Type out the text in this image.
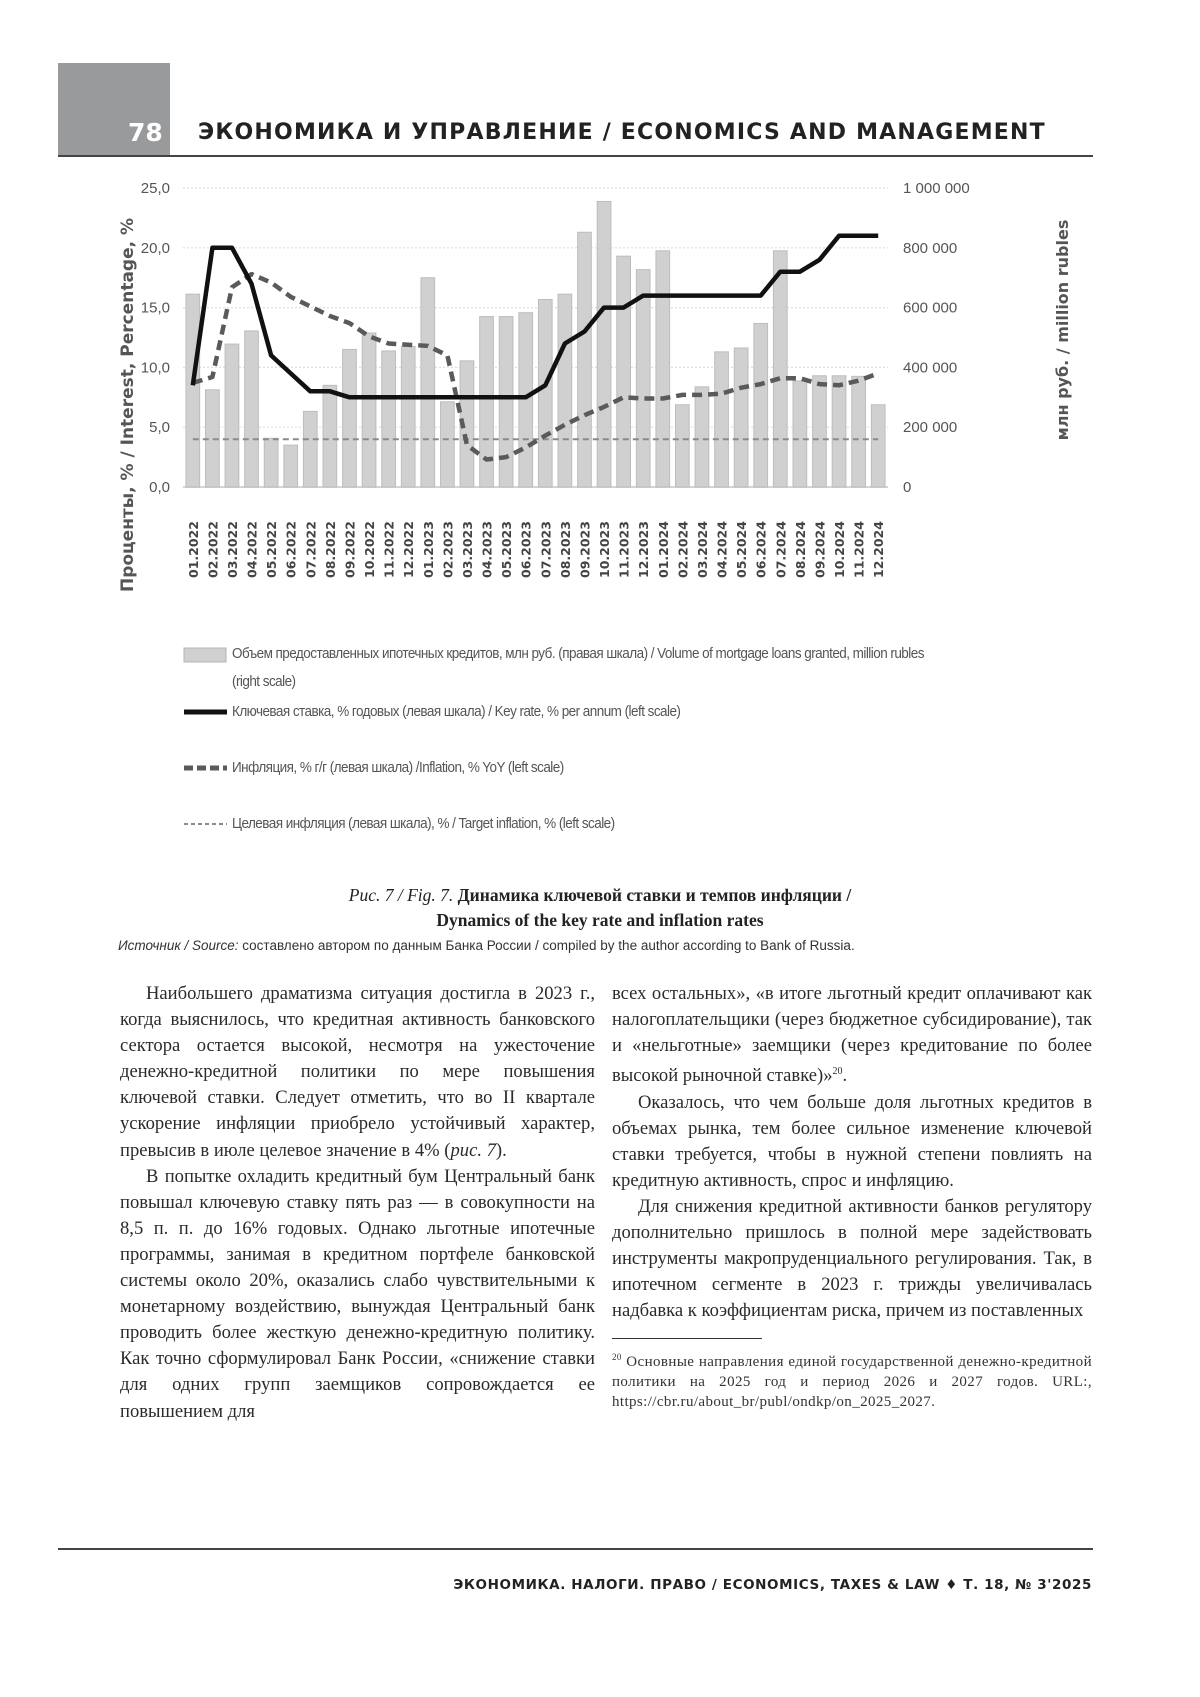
78 ЭКОНОМИКА И УПРАВЛЕНИЕ / ECONOMICS AND MANAGEMENT
0,0
5,0
10,0
15,0
20,0
25,0
0
200 000
400 000
600 000
800 000
1 000 000
01.2022 02.2022 03.2022 04.2022 05.2022 06.2022 07.2022 08.2022 09.2022 10.2022 11.2022 12.2022 01.2023 02.2023 03.2023 04.2023 05.2023 06.2023 07.2023 08.2023 09.2023 10.2023 11.2023 12.2023 01.2024 02.2024 03.2024 04.2024 05.2024 06.2024 07.2024 08.2024 09.2024 10.2024 11.2024 12.2024
Проценты, % / Interest, Percentage, %	млн руб. / million rubles
Объем предоставленных ипотечных кредитов, млн руб. (правая шкала) / Volume of mortgage loans granted, million rubles
(right scale)
Ключевая ставка, % годовых (левая шкала) / Key rate, % per annum (left scale)
Инфляция, % г/г (левая шкала) /Inflation, % YoY (left scale)
Целевая инфляция (левая шкала), % / Target inflation, % (left scale)
Рис. 7 / Fig. 7. Динамика ключевой ставки и темпов инфляции /
Dynamics of the key rate and inflation rates
Источник / Source: составлено автором по данным Банка России / compiled by the author according to Bank of Russia.

Наибольшего драматизма ситуация достигла в 2023 г., когда выяснилось, что кредитная активность банковского сектора остается высокой, несмотря на ужесточение денежно-кредитной политики по мере повышения ключевой ставки. Следует отметить, что во II квартале ускорение инфляции приобрело устойчивый характер, превысив в июле целевое значение в 4% (рис. 7).

В попытке охладить кредитный бум Центральный банк повышал ключевую ставку пять раз — в совокупности на 8,5 п. п. до 16% годовых. Однако льготные ипотечные программы, занимая в кредитном портфеле банковской системы около 20%, оказались слабо чувствительными к монетарному воздействию, вынуждая Центральный банк проводить более жесткую денежно-кредитную политику. Как точно сформулировал Банк России, «снижение ставки для одних групп заемщиков сопровождается ее повышением для

всех остальных», «в итоге льготный кредит оплачивают как налогоплательщики (через бюджетное субсидирование), так и «нельготные» заемщики (через кредитование по более высокой рыночной ставке)»$^{20}$.

Оказалось, что чем больше доля льготных кредитов в объемах рынка, тем более сильное изменение ключевой ставки требуется, чтобы в нужной степени повлиять на кредитную активность, спрос и инфляцию.

Для снижения кредитной активности банков регулятору дополнительно пришлось в полной мере задействовать инструменты макропруденциального регулирования. Так, в ипотечном сегменте в 2023 г. трижды увеличивалась надбавка к коэффициентам риска, причем из поставленных

$^{20}$ Основные направления единой государственной денежно-кредитной политики на 2025 год и период 2026 и 2027 годов. URL:, https://cbr.ru/about_br/publ/ondkp/on_2025_2027.
ЭКОНОМИКА. НАЛОГИ. ПРАВО / ECONOMICS, TAXES & LAW ♦ Т. 18, № 3'2025
